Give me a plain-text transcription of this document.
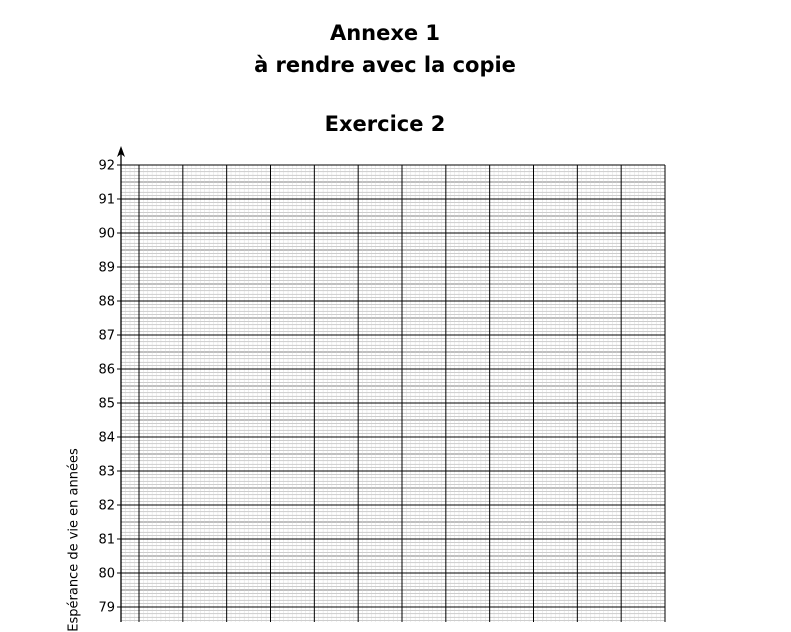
Annexe 1
à rendre avec la copie
Exercice 2
92
91
90
89
88
87
86
85
84
83
82
81
80
79
Espérance de vie en années
